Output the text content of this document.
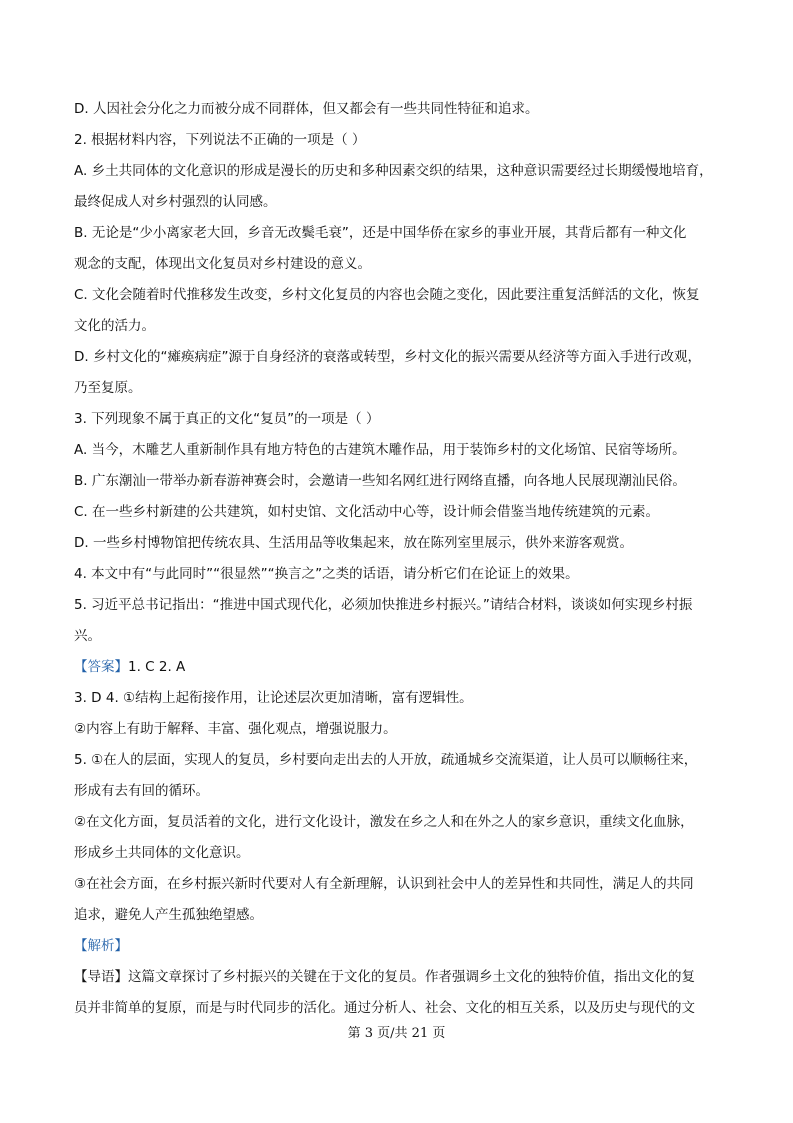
D. 人因社会分化之力而被分成不同群体，但又都会有一些共同性特征和追求。
2. 根据材料内容，下列说法不正确的一项是（ ）
A. 乡土共同体的文化意识的形成是漫长的历史和多种因素交织的结果，这种意识需要经过长期缓慢地培育，
最终促成人对乡村强烈的认同感。
B. 无论是“少小离家老大回，乡音无改鬓毛衰”，还是中国华侨在家乡的事业开展，其背后都有一种文化
观念的支配，体现出文化复员对乡村建设的意义。
C. 文化会随着时代推移发生改变，乡村文化复员的内容也会随之变化，因此要注重复活鲜活的文化，恢复
文化的活力。
D. 乡村文化的“瘫痪病症”源于自身经济的衰落或转型，乡村文化的振兴需要从经济等方面入手进行改观，
乃至复原。
3. 下列现象不属于真正的文化“复员”的一项是（ ）
A. 当今，木雕艺人重新制作具有地方特色的古建筑木雕作品，用于装饰乡村的文化场馆、民宿等场所。
B. 广东潮汕一带举办新春游神赛会时，会邀请一些知名网红进行网络直播，向各地人民展现潮汕民俗。
C. 在一些乡村新建的公共建筑，如村史馆、文化活动中心等，设计师会借鉴当地传统建筑的元素。
D. 一些乡村博物馆把传统农具、生活用品等收集起来，放在陈列室里展示，供外来游客观赏。
4. 本文中有“与此同时”“很显然”“换言之”之类的话语，请分析它们在论证上的效果。
5. 习近平总书记指出：“推进中国式现代化，必须加快推进乡村振兴。”请结合材料，谈谈如何实现乡村振
兴。
【答案】1. C 2. A
3. D 4. ①结构上起衔接作用，让论述层次更加清晰，富有逻辑性。
②内容上有助于解释、丰富、强化观点，增强说服力。
5. ①在人的层面，实现人的复员，乡村要向走出去的人开放，疏通城乡交流渠道，让人员可以顺畅往来，
形成有去有回的循环。
②在文化方面，复员活着的文化，进行文化设计，激发在乡之人和在外之人的家乡意识，重续文化血脉，
形成乡土共同体的文化意识。
③在社会方面，在乡村振兴新时代要对人有全新理解，认识到社会中人的差异性和共同性，满足人的共同
追求，避免人产生孤独绝望感。
【解析】
【导语】这篇文章探讨了乡村振兴的关键在于文化的复员。作者强调乡土文化的独特价值，指出文化的复
员并非简单的复原，而是与时代同步的活化。通过分析人、社会、文化的相互关系，以及历史与现代的文
第 3 页/共 21 页
